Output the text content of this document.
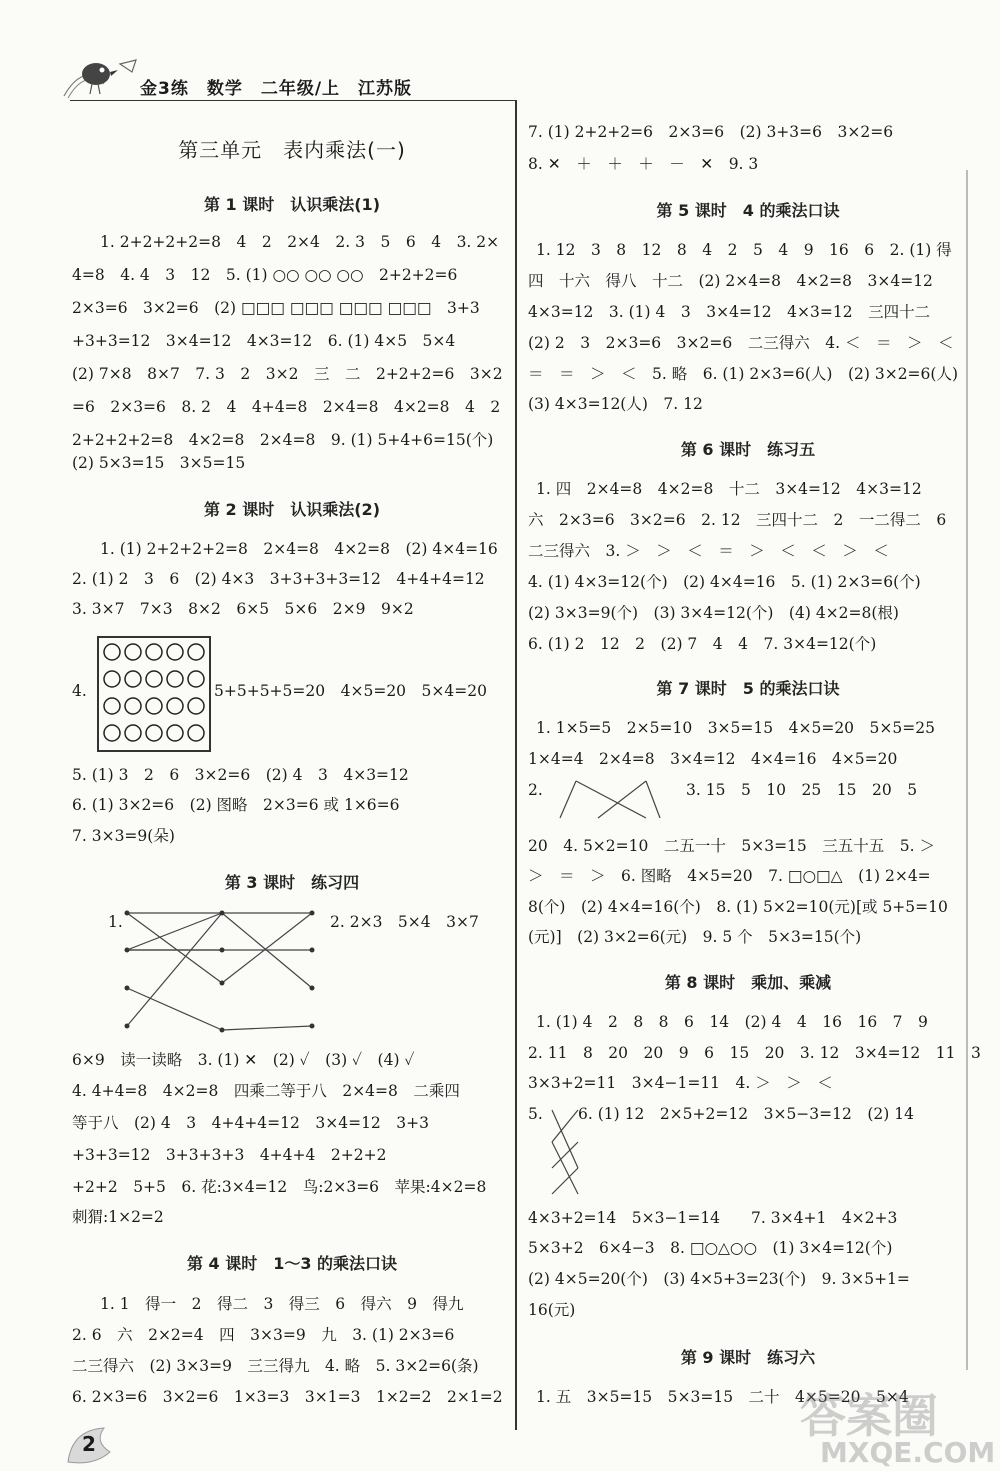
金3练　数学　二年级/上　江苏版
第三单元　表内乘法(一)
第 1 课时　认识乘法(1)
1. 2+2+2+2=8　4　2　2×4　2. 3　5　6　4　3. 2×
4=8　4. 4　3　12　5. (1) ○○ ○○ ○○　2+2+2=6
2×3=6　3×2=6　(2) □□□ □□□ □□□ □□□　3+3
+3+3=12　3×4=12　4×3=12　6. (1) 4×5　5×4
(2) 7×8　8×7　7. 3　2　3×2　三　二　2+2+2=6　3×2
=6　2×3=6　8. 2　4　4+4=8　2×4=8　4×2=8　4　2
2+2+2+2=8　4×2=8　2×4=8　9. (1) 5+4+6=15(个)
(2) 5×3=15　3×5=15
第 2 课时　认识乘法(2)
1. (1) 2+2+2+2=8　2×4=8　4×2=8　(2) 4×4=16
2. (1) 2　3　6　(2) 4×3　3+3+3+3=12　4+4+4=12
3. 3×7　7×3　8×2　6×5　5×6　2×9　9×2
4.	5+5+5+5=20　4×5=20　5×4=20
5. (1) 3　2　6　3×2=6　(2) 4　3　4×3=12
6. (1) 3×2=6　(2) 图略　2×3=6 或 1×6=6
7. 3×3=9(朵)
第 3 课时　练习四
1.	2. 2×3　5×4　3×7
6×9　读一读略　3. (1) ✕　(2) ✓　(3) ✓　(4) ✓
4. 4+4=8　4×2=8　四乘二等于八　2×4=8　二乘四
等于八　(2) 4　3　4+4+4=12　3×4=12　3+3
+3+3=12　3+3+3+3　4+4+4　2+2+2
+2+2　5+5　6. 花:3×4=12　鸟:2×3=6　苹果:4×2=8
刺猬:1×2=2
第 4 课时　1～3 的乘法口诀
1. 1　得一　2　得二　3　得三　6　得六　9　得九
2. 6　六　2×2=4　四　3×3=9　九　3. (1) 2×3=6
二三得六　(2) 3×3=9　三三得九　4. 略　5. 3×2=6(条)
6. 2×3=6　3×2=6　1×3=3　3×1=3　1×2=2　2×1=2
7. (1) 2+2+2=6　2×3=6　(2) 3+3=6　3×2=6
8. ✕　＋　＋　＋　－　✕　9. 3
第 5 课时　4 的乘法口诀
1. 12　3　8　12　8　4　2　5　4　9　16　6　2. (1) 得
四　十六　得八　十二　(2) 2×4=8　4×2=8　3×4=12
4×3=12　3. (1) 4　3　3×4=12　4×3=12　三四十二
(2) 2　3　2×3=6　3×2=6　二三得六　4. ＜　＝　＞　＜
＝　＝　＞　＜　5. 略　6. (1) 2×3=6(人)　(2) 3×2=6(人)
(3) 4×3=12(人)　7. 12
第 6 课时　练习五
1. 四　2×4=8　4×2=8　十二　3×4=12　4×3=12
六　2×3=6　3×2=6　2. 12　三四十二　2　一二得二　6
二三得六　3. ＞　＞　＜　＝　＞　＜　＜　＞　＜
4. (1) 4×3=12(个)　(2) 4×4=16　5. (1) 2×3=6(个)
(2) 3×3=9(个)　(3) 3×4=12(个)　(4) 4×2=8(根)
6. (1) 2　12　2　(2) 7　4　4　7. 3×4=12(个)
第 7 课时　5 的乘法口诀
1. 1×5=5　2×5=10　3×5=15　4×5=20　5×5=25
1×4=4　2×4=8　3×4=12　4×4=16　4×5=20
2.	3. 15　5　10　25　15　20　5
20　4. 5×2=10　二五一十　5×3=15　三五十五　5. ＞
＞　＝　＞　6. 图略　4×5=20　7. □○□△　(1) 2×4=
8(个)　(2) 4×4=16(个)　8. (1) 5×2=10(元)[或 5+5=10
(元)]　(2) 3×2=6(元)　9. 5 个　5×3=15(个)
第 8 课时　乘加、乘减
1. (1) 4　2　8　8　6　14　(2) 4　4　16　16　7　9
2. 11　8　20　20　9　6　15　20　3. 12　3×4=12　11　3
3×3+2=11　3×4−1=11　4. ＞　＞　＜
5. 6. (1) 12　2×5+2=12　3×5−3=12　(2) 14
4×3+2=14　5×3−1=14　　7. 3×4+1　4×2+3
5×3+2　6×4−3　8. □○△○○　(1) 3×4=12(个)
(2) 4×5=20(个)　(3) 4×5+3=23(个)　9. 3×5+1=
16(元)
第 9 课时　练习六
1. 五　3×5=15　5×3=15　二十　4×5=20　5×4
2
答案圈
MXQE.COM
